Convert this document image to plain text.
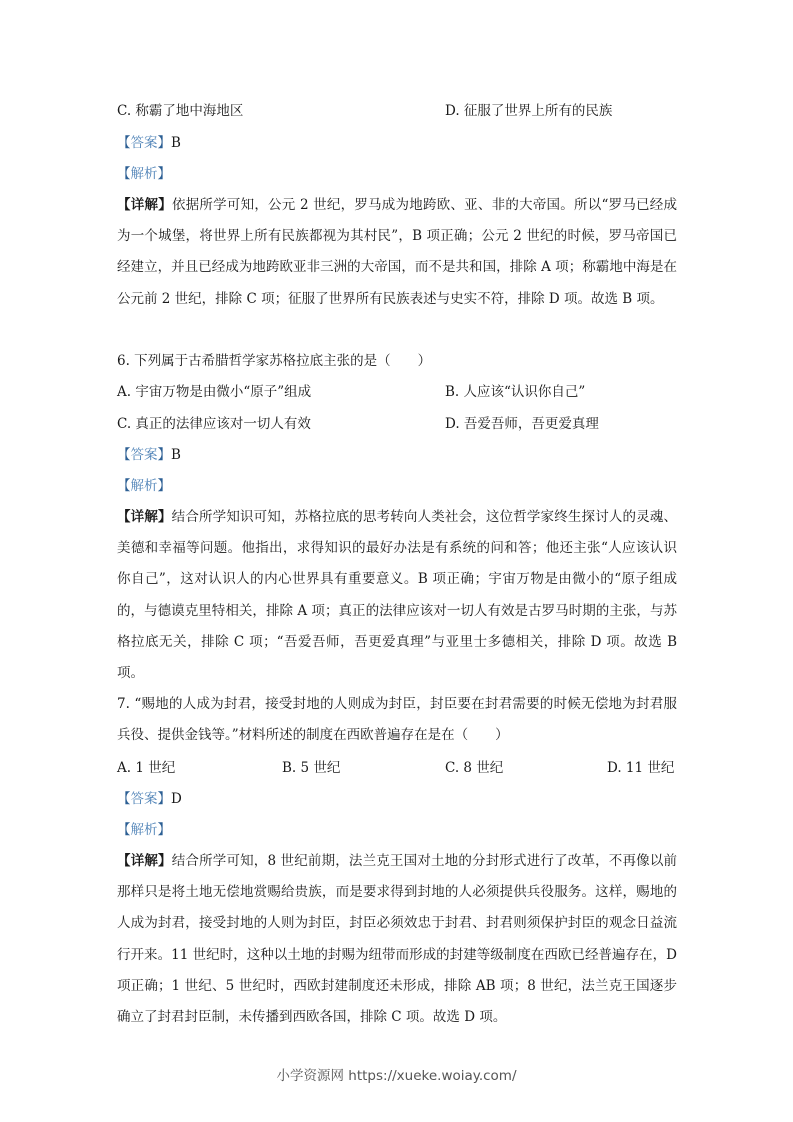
C. 称霸了地中海地区	D. 征服了世界上所有的民族
【答案】B
【解析】
【详解】依据所学可知，公元 2 世纪，罗马成为地跨欧、亚、非的大帝国。所以“罗马已经成为一个城堡，将世界上所有民族都视为其村民”，B 项正确；公元 2 世纪的时候，罗马帝国已经建立，并且已经成为地跨欧亚非三洲的大帝国，而不是共和国，排除 A 项；称霸地中海是在公元前 2 世纪，排除 C 项；征服了世界所有民族表述与史实不符，排除 D 项。故选 B 项。
6. 下列属于古希腊哲学家苏格拉底主张的是（　　）
A. 宇宙万物是由微小“原子”组成	B. 人应该“认识你自己”
C. 真正的法律应该对一切人有效	D. 吾爱吾师，吾更爱真理
【答案】B
【解析】
【详解】结合所学知识可知，苏格拉底的思考转向人类社会，这位哲学家终生探讨人的灵魂、美德和幸福等问题。他指出，求得知识的最好办法是有系统的问和答；他还主张“人应该认识你自己”，这对认识人的内心世界具有重要意义。B 项正确；宇宙万物是由微小的“原子组成的，与德谟克里特相关，排除 A 项；真正的法律应该对一切人有效是古罗马时期的主张，与苏格拉底无关，排除 C 项；“吾爱吾师，吾更爱真理”与亚里士多德相关，排除 D 项。故选 B 项。
7. “赐地的人成为封君，接受封地的人则成为封臣，封臣要在封君需要的时候无偿地为封君服兵役、提供金钱等。”材料所述的制度在西欧普遍存在是在（　　）
A. 1 世纪	B. 5 世纪	C. 8 世纪	D. 11 世纪
【答案】D
【解析】
【详解】结合所学可知，8 世纪前期，法兰克王国对土地的分封形式进行了改革，不再像以前那样只是将土地无偿地赏赐给贵族，而是要求得到封地的人必须提供兵役服务。这样，赐地的人成为封君，接受封地的人则为封臣，封臣必须效忠于封君、封君则须保护封臣的观念日益流行开来。11 世纪时，这种以土地的封赐为纽带而形成的封建等级制度在西欧已经普遍存在，D 项正确；1 世纪、5 世纪时，西欧封建制度还未形成，排除 AB 项；8 世纪，法兰克王国逐步确立了封君封臣制，未传播到西欧各国，排除 C 项。故选 D 项。
小学资源网 https://xueke.woiay.com/
